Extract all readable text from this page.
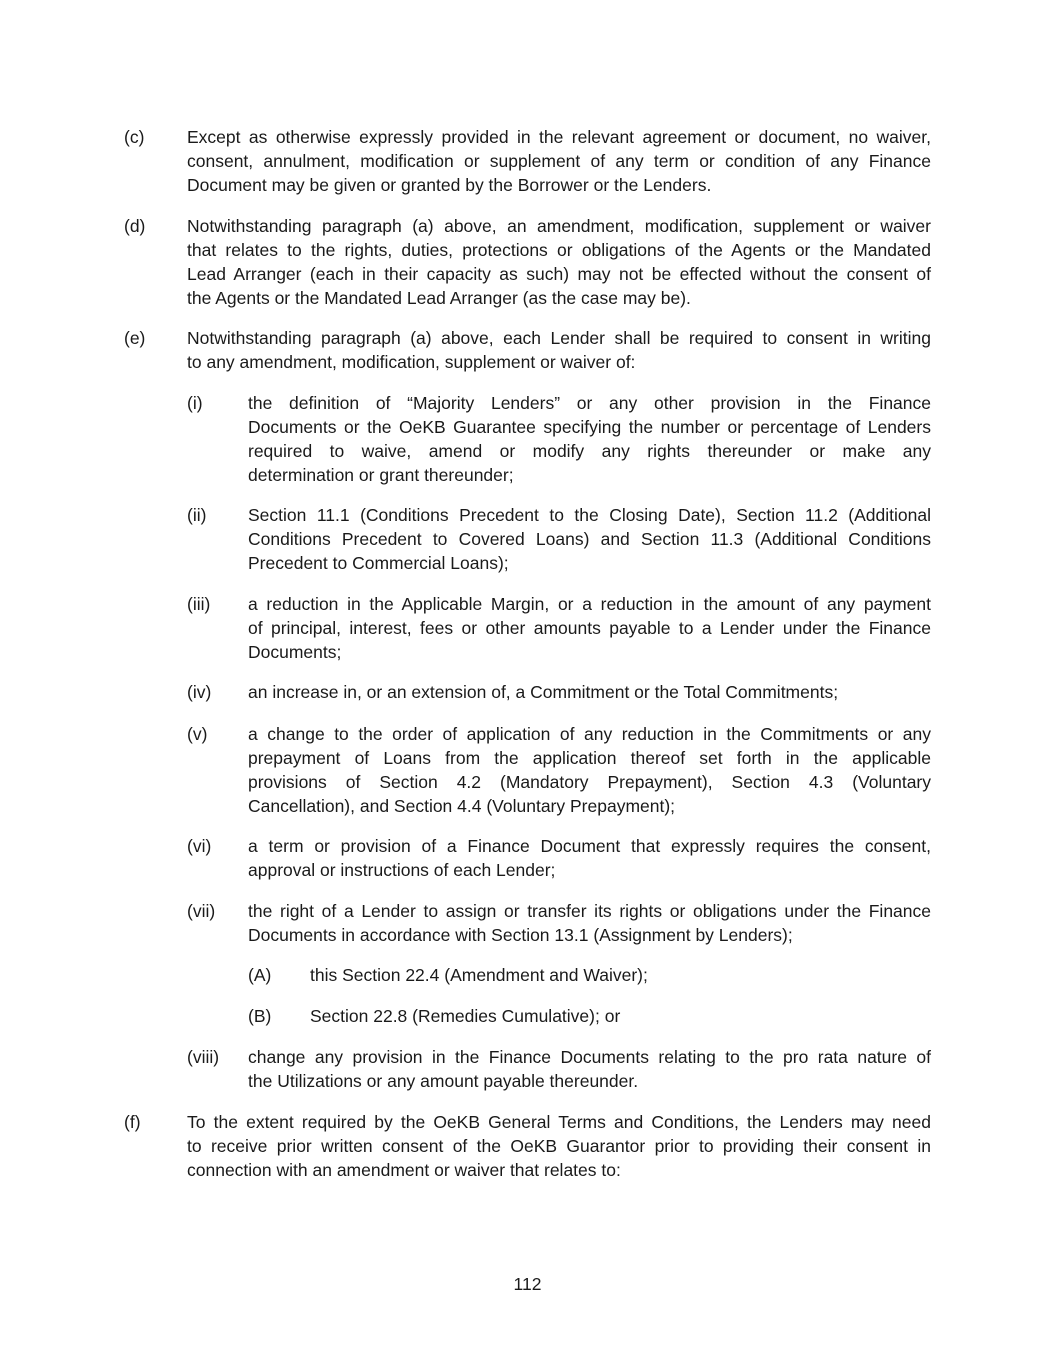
(c) Except as otherwise expressly provided in the relevant agreement or document, no waiver,
consent, annulment, modification or supplement of any term or condition of any Finance
Document may be given or granted by the Borrower or the Lenders.
(d) Notwithstanding paragraph (a) above, an amendment, modification, supplement or waiver
that relates to the rights, duties, protections or obligations of the Agents or the Mandated
Lead Arranger (each in their capacity as such) may not be effected without the consent of
the Agents or the Mandated Lead Arranger (as the case may be).
(e) Notwithstanding paragraph (a) above, each Lender shall be required to consent in writing
to any amendment, modification, supplement or waiver of:
(i)	the definition of “Majority Lenders” or any other provision in the Finance
Documents or the OeKB Guarantee specifying the number or percentage of Lenders
required to waive, amend or modify any rights thereunder or make any
determination or grant thereunder;
(ii) Section 11.1 (Conditions Precedent to the Closing Date), Section 11.2 (Additional
Conditions Precedent to Covered Loans) and Section 11.3 (Additional Conditions
Precedent to Commercial Loans);
(iii) a reduction in the Applicable Margin, or a reduction in the amount of any payment
of principal, interest, fees or other amounts payable to a Lender under the Finance
Documents;
(iv) an increase in, or an extension of, a Commitment or the Total Commitments;
(v) a change to the order of application of any reduction in the Commitments or any
prepayment of Loans from the application thereof set forth in the applicable
provisions of Section 4.2 (Mandatory Prepayment), Section 4.3 (Voluntary
Cancellation), and Section 4.4 (Voluntary Prepayment);
(vi) a term or provision of a Finance Document that expressly requires the consent,
approval or instructions of each Lender;
(vii) the right of a Lender to assign or transfer its rights or obligations under the Finance
Documents in accordance with Section 13.1 (Assignment by Lenders);
(A) this Section 22.4 (Amendment and Waiver);
(B) Section 22.8 (Remedies Cumulative); or
(viii) change any provision in the Finance Documents relating to the pro rata nature of
the Utilizations or any amount payable thereunder.
(f)	To the extent required by the OeKB General Terms and Conditions, the Lenders may need
to receive prior written consent of the OeKB Guarantor prior to providing their consent in
connection with an amendment or waiver that relates to:
112
